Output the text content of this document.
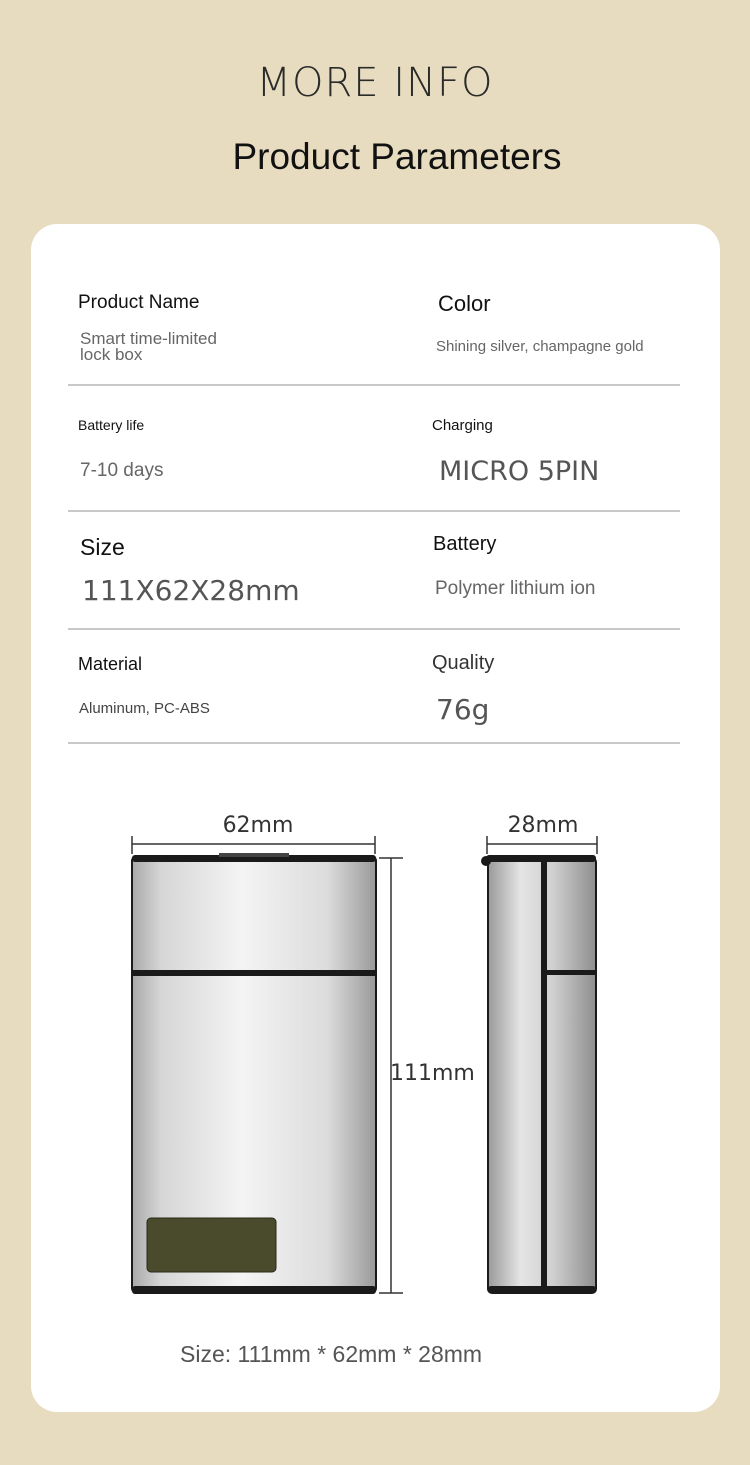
MORE INFO
Product Parameters
Product Name
Smart time-limited
lock box
Color
Shining silver, champagne gold
Battery life
7-10 days
Charging
MICRO 5PIN
Size
111X62X28mm
Battery
Polymer lithium ion
Material
Aluminum, PC-ABS
Quality
76g
62mm	28mm
111mm
Size: 111mm * 62mm * 28mm
